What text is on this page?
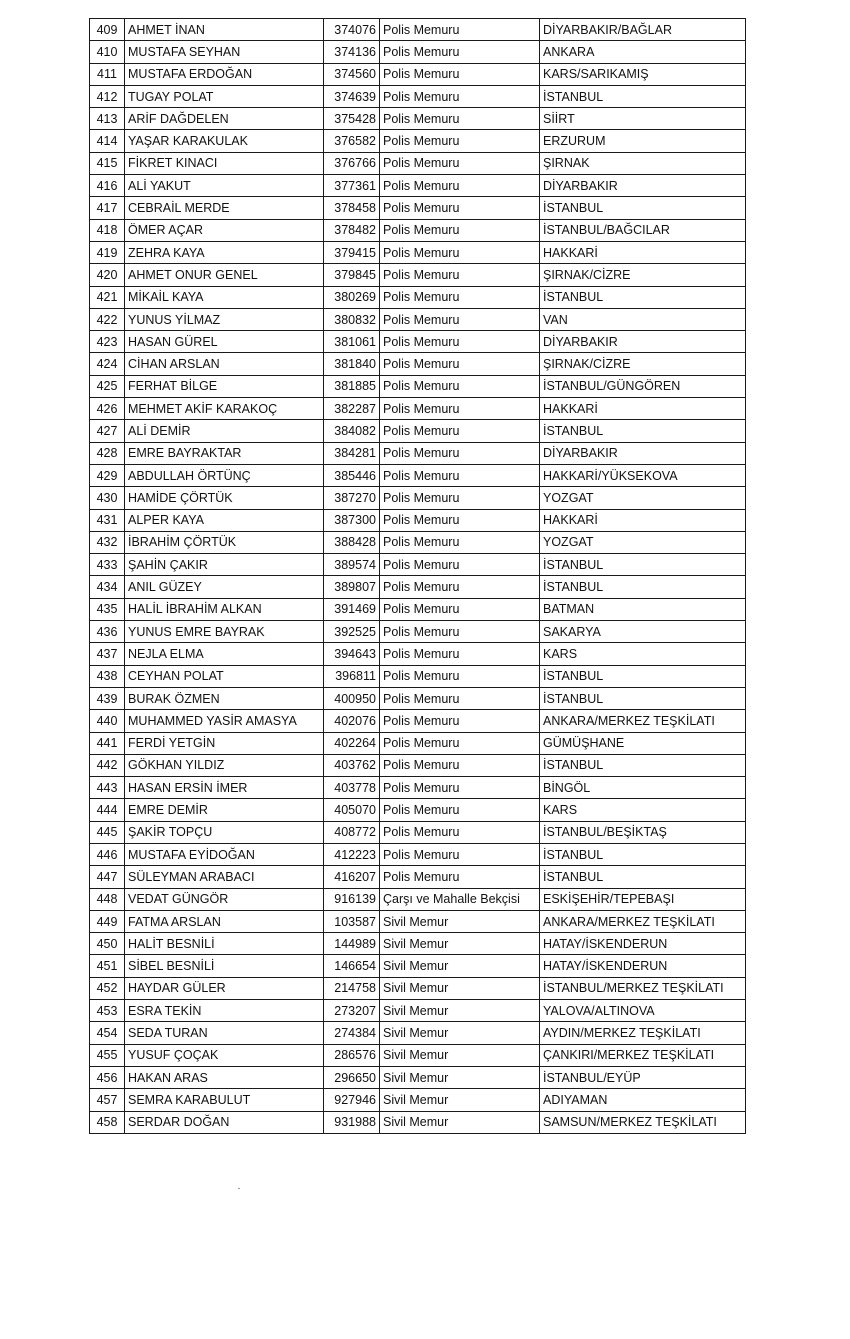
409	AHMET İNAN	374076	Polis Memuru	DİYARBAKIR/BAĞLAR
410	MUSTAFA SEYHAN	374136	Polis Memuru	ANKARA
411	MUSTAFA ERDOĞAN	374560	Polis Memuru	KARS/SARIKAMIŞ
412	TUGAY POLAT	374639	Polis Memuru	İSTANBUL
413	ARİF DAĞDELEN	375428	Polis Memuru	SİİRT
414	YAŞAR KARAKULAK	376582	Polis Memuru	ERZURUM
415	FİKRET KINACI	376766	Polis Memuru	ŞIRNAK
416	ALİ YAKUT	377361	Polis Memuru	DİYARBAKIR
417	CEBRAİL MERDE	378458	Polis Memuru	İSTANBUL
418	ÖMER AÇAR	378482	Polis Memuru	İSTANBUL/BAĞCILAR
419	ZEHRA KAYA	379415	Polis Memuru	HAKKARİ
420	AHMET ONUR GENEL	379845	Polis Memuru	ŞIRNAK/CİZRE
421	MİKAİL KAYA	380269	Polis Memuru	İSTANBUL
422	YUNUS YİLMAZ	380832	Polis Memuru	VAN
423	HASAN GÜREL	381061	Polis Memuru	DİYARBAKIR
424	CİHAN ARSLAN	381840	Polis Memuru	ŞIRNAK/CİZRE
425	FERHAT BİLGE	381885	Polis Memuru	İSTANBUL/GÜNGÖREN
426	MEHMET AKİF KARAKOÇ	382287	Polis Memuru	HAKKARİ
427	ALİ DEMİR	384082	Polis Memuru	İSTANBUL
428	EMRE BAYRAKTAR	384281	Polis Memuru	DİYARBAKIR
429	ABDULLAH ÖRTÜNÇ	385446	Polis Memuru	HAKKARİ/YÜKSEKOVA
430	HAMİDE ÇÖRTÜK	387270	Polis Memuru	YOZGAT
431	ALPER KAYA	387300	Polis Memuru	HAKKARİ
432	İBRAHİM ÇÖRTÜK	388428	Polis Memuru	YOZGAT
433	ŞAHİN ÇAKIR	389574	Polis Memuru	İSTANBUL
434	ANIL GÜZEY	389807	Polis Memuru	İSTANBUL
435	HALİL İBRAHİM ALKAN	391469	Polis Memuru	BATMAN
436	YUNUS EMRE BAYRAK	392525	Polis Memuru	SAKARYA
437	NEJLA ELMA	394643	Polis Memuru	KARS
438	CEYHAN POLAT	396811	Polis Memuru	İSTANBUL
439	BURAK ÖZMEN	400950	Polis Memuru	İSTANBUL
440	MUHAMMED YASİR AMASYA	402076	Polis Memuru	ANKARA/MERKEZ TEŞKİLATI
441	FERDİ YETGİN	402264	Polis Memuru	GÜMÜŞHANE
442	GÖKHAN YILDIZ	403762	Polis Memuru	İSTANBUL
443	HASAN ERSİN İMER	403778	Polis Memuru	BİNGÖL
444	EMRE DEMİR	405070	Polis Memuru	KARS
445	ŞAKİR TOPÇU	408772	Polis Memuru	İSTANBUL/BEŞİKTAŞ
446	MUSTAFA EYİDOĞAN	412223	Polis Memuru	İSTANBUL
447	SÜLEYMAN ARABACI	416207	Polis Memuru	İSTANBUL
448	VEDAT GÜNGÖR	916139	Çarşı ve Mahalle Bekçisi	ESKİŞEHİR/TEPEBAŞI
449	FATMA ARSLAN	103587	Sivil Memur	ANKARA/MERKEZ TEŞKİLATI
450	HALİT BESNİLİ	144989	Sivil Memur	HATAY/İSKENDERUN
451	SİBEL BESNİLİ	146654	Sivil Memur	HATAY/İSKENDERUN
452	HAYDAR GÜLER	214758	Sivil Memur	İSTANBUL/MERKEZ TEŞKİLATI
453	ESRA TEKİN	273207	Sivil Memur	YALOVA/ALTINOVA
454	SEDA TURAN	274384	Sivil Memur	AYDIN/MERKEZ TEŞKİLATI
455	YUSUF ÇOÇAK	286576	Sivil Memur	ÇANKIRI/MERKEZ TEŞKİLATI
456	HAKAN ARAS	296650	Sivil Memur	İSTANBUL/EYÜP
457	SEMRA KARABULUT	927946	Sivil Memur	ADIYAMAN
458	SERDAR DOĞAN	931988	Sivil Memur	SAMSUN/MERKEZ TEŞKİLATI
